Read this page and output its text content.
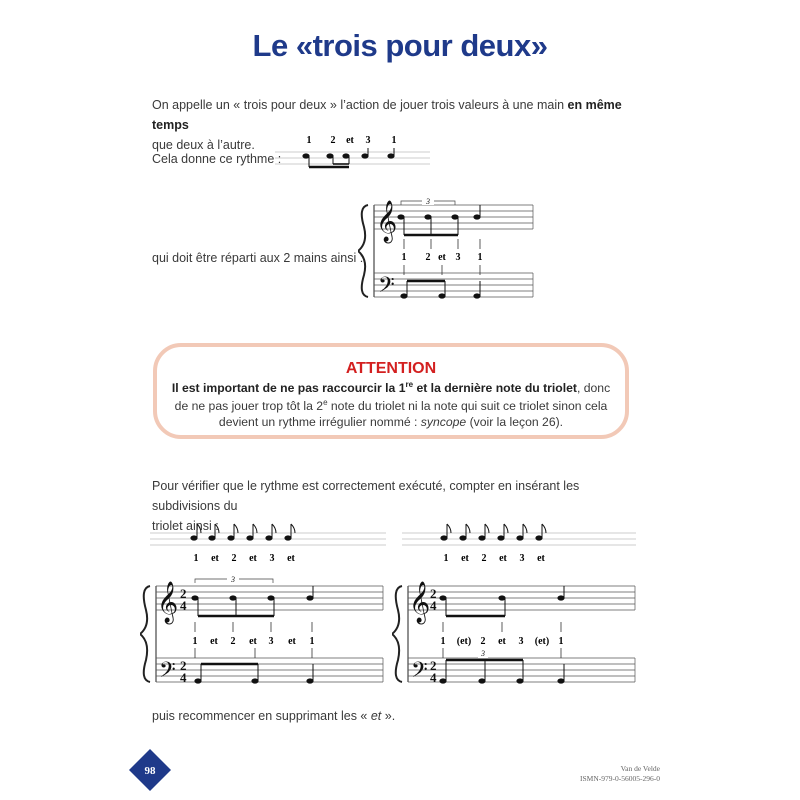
Le «trois pour deux»
On appelle un « trois pour deux » l’action de jouer trois valeurs à une main en même temps
que deux à l’autre.
Cela donne ce rythme :
1 2 et 3 1
qui doit être réparti aux 2 mains ainsi :
𝄞
𝄢
3
1 2 et 3 1
ATTENTION
Il est important de ne pas raccourcir la 1re et la dernière note du triolet, donc
de ne pas jouer trop tôt la 2e note du triolet ni la note qui suit ce triolet sinon cela
devient un rythme irrégulier nommé : syncope (voir la leçon 26).
Pour vérifier que le rythme est correctement exécuté, compter en insérant les subdivisions du
triolet ainsi :
1 et 2 et 3 et	1 et 2 et 3 et
𝄞
𝄢
2
4
2
4
3
1 et 2 et 3 et 1
𝄞
𝄢
2
4
2
4
3
1 (et) 2 et 3 (et) 1
puis recommencer en supprimant les « et ».
98	Van de Velde
ISMN-979-0-56005-296-0
